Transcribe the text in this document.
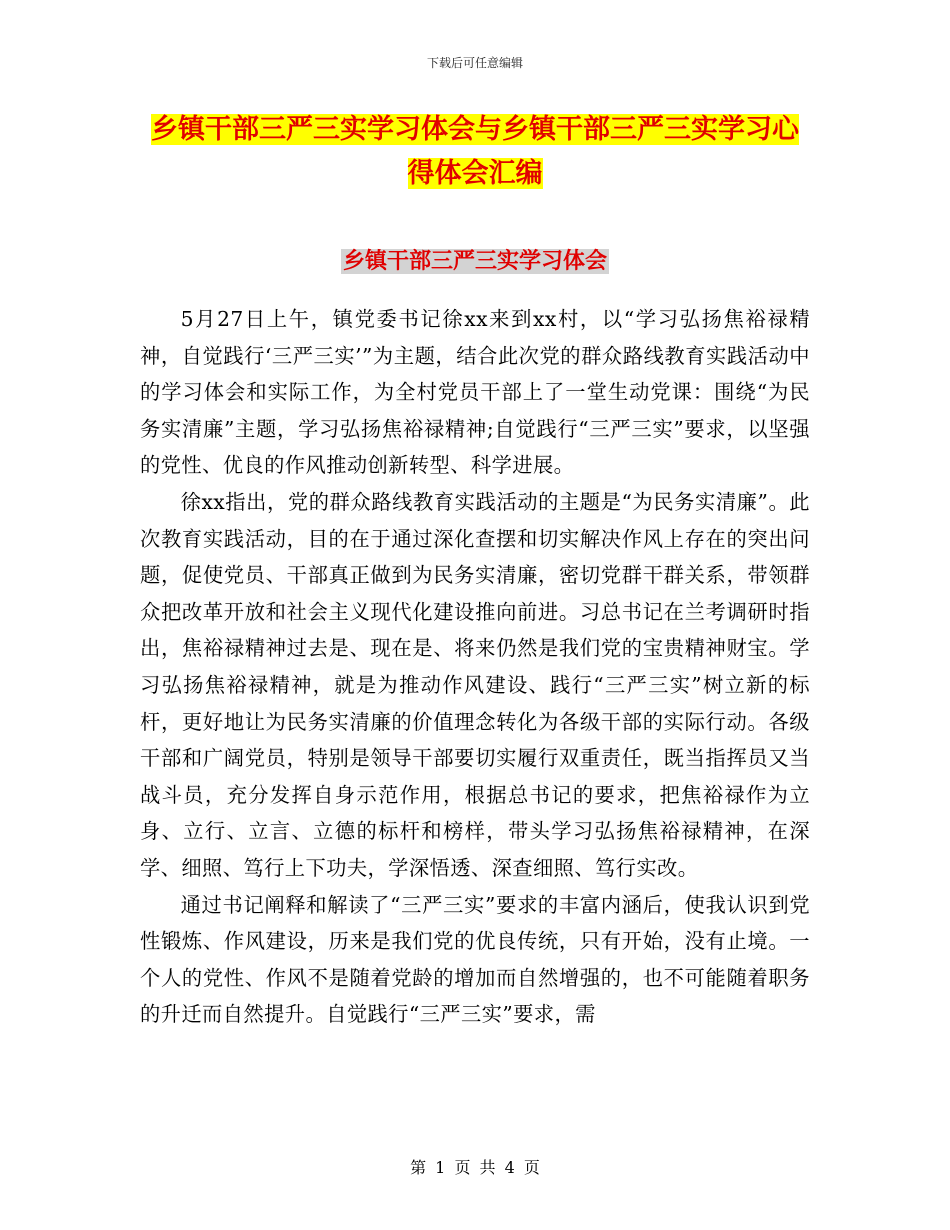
下载后可任意编辑
乡镇干部三严三实学习体会与乡镇干部三严三实学习心得体会汇编
乡镇干部三严三实学习体会

5月27日上午，镇党委书记徐xx来到xx村，以“学习弘扬焦裕禄精神，自觉践行‘三严三实’”为主题，结合此次党的群众路线教育实践活动中的学习体会和实际工作，为全村党员干部上了一堂生动党课：围绕“为民务实清廉”主题，学习弘扬焦裕禄精神;自觉践行“三严三实”要求，以坚强的党性、优良的作风推动创新转型、科学进展。

徐xx指出，党的群众路线教育实践活动的主题是“为民务实清廉”。此次教育实践活动，目的在于通过深化查摆和切实解决作风上存在的突出问题，促使党员、干部真正做到为民务实清廉，密切党群干群关系，带领群众把改革开放和社会主义现代化建设推向前进。习总书记在兰考调研时指出，焦裕禄精神过去是、现在是、将来仍然是我们党的宝贵精神财宝。学习弘扬焦裕禄精神，就是为推动作风建设、践行“三严三实”树立新的标杆，更好地让为民务实清廉的价值理念转化为各级干部的实际行动。各级干部和广阔党员，特别是领导干部要切实履行双重责任，既当指挥员又当战斗员，充分发挥自身示范作用，根据总书记的要求，把焦裕禄作为立身、立行、立言、立德的标杆和榜样，带头学习弘扬焦裕禄精神，在深学、细照、笃行上下功夫，学深悟透、深查细照、笃行实改。

通过书记阐释和解读了“三严三实”要求的丰富内涵后，使我认识到党性锻炼、作风建设，历来是我们党的优良传统，只有开始，没有止境。一个人的党性、作风不是随着党龄的增加而自然增强的，也不可能随着职务的升迁而自然提升。自觉践行“三严三实”要求，需

第 1 页 共 4 页
